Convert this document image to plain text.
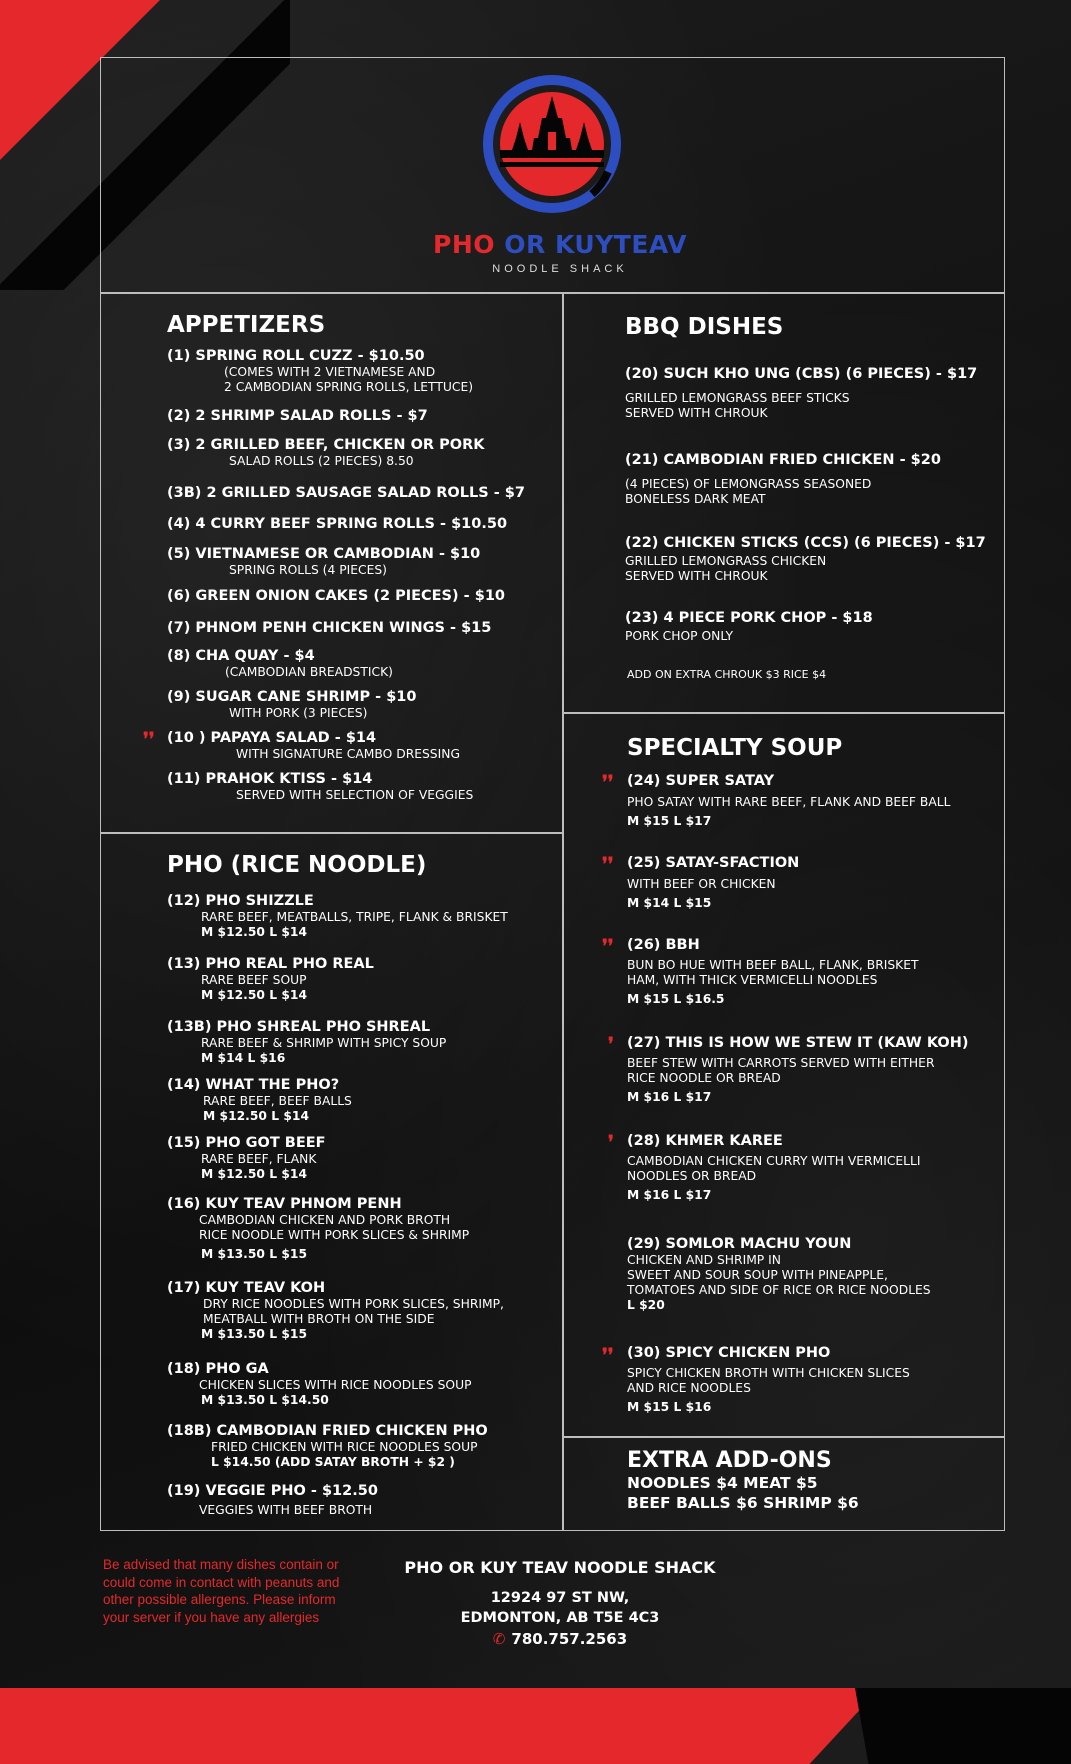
PHO OR KUYTEAV
NOODLE SHACK
APPETIZERS
(1) SPRING ROLL CUZZ - $10.50
(COMES WITH 2 VIETNAMESE AND
2 CAMBODIAN SPRING ROLLS, LETTUCE)
(2) 2 SHRIMP SALAD ROLLS - $7
(3) 2 GRILLED BEEF, CHICKEN OR PORK
SALAD ROLLS (2 PIECES) 8.50
(3B) 2 GRILLED SAUSAGE SALAD ROLLS - $7
(4) 4 CURRY BEEF SPRING ROLLS - $10.50
(5) VIETNAMESE OR CAMBODIAN - $10
SPRING ROLLS (4 PIECES)
(6) GREEN ONION CAKES (2 PIECES) - $10
(7) PHNOM PENH CHICKEN WINGS - $15
(8) CHA QUAY - $4
(CAMBODIAN BREADSTICK)
(9) SUGAR CANE SHRIMP - $10
WITH PORK (3 PIECES)
❜❜ (10 ) PAPAYA SALAD - $14
WITH SIGNATURE CAMBO DRESSING
(11) PRAHOK KTISS - $14
SERVED WITH SELECTION OF VEGGIES
BBQ DISHES
(20) SUCH KHO UNG (CBS) (6 PIECES) - $17
GRILLED LEMONGRASS BEEF STICKS
SERVED WITH CHROUK
(21) CAMBODIAN FRIED CHICKEN - $20
(4 PIECES) OF LEMONGRASS SEASONED
BONELESS DARK MEAT
(22) CHICKEN STICKS (CCS) (6 PIECES) - $17
GRILLED LEMONGRASS CHICKEN
SERVED WITH CHROUK
(23) 4 PIECE PORK CHOP - $18
PORK CHOP ONLY
ADD ON EXTRA CHROUK $3 RICE $4
PHO (RICE NOODLE)
(12) PHO SHIZZLE
RARE BEEF, MEATBALLS, TRIPE, FLANK & BRISKET
M $12.50 L $14
(13) PHO REAL PHO REAL
RARE BEEF SOUP
M $12.50 L $14
(13B) PHO SHREAL PHO SHREAL
RARE BEEF & SHRIMP WITH SPICY SOUP
M $14 L $16
(14) WHAT THE PHO?
RARE BEEF, BEEF BALLS
M $12.50 L $14
(15) PHO GOT BEEF
RARE BEEF, FLANK
M $12.50 L $14
(16) KUY TEAV PHNOM PENH
CAMBODIAN CHICKEN AND PORK BROTH
RICE NOODLE WITH PORK SLICES & SHRIMP
M $13.50 L $15
(17) KUY TEAV KOH
DRY RICE NOODLES WITH PORK SLICES, SHRIMP,
MEATBALL WITH BROTH ON THE SIDE
M $13.50 L $15
(18) PHO GA
CHICKEN SLICES WITH RICE NOODLES SOUP
M $13.50 L $14.50
(18B) CAMBODIAN FRIED CHICKEN PHO
FRIED CHICKEN WITH RICE NOODLES SOUP
L $14.50 (ADD SATAY BROTH + $2 )
(19) VEGGIE PHO - $12.50
VEGGIES WITH BEEF BROTH
SPECIALTY SOUP
❜❜ (24) SUPER SATAY
PHO SATAY WITH RARE BEEF, FLANK AND BEEF BALL
M $15 L $17
❜❜ (25) SATAY-SFACTION
WITH BEEF OR CHICKEN
M $14 L $15
❜❜ (26) BBH
BUN BO HUE WITH BEEF BALL, FLANK, BRISKET
HAM, WITH THICK VERMICELLI NOODLES
M $15 L $16.5
❜ (27) THIS IS HOW WE STEW IT (KAW KOH)
BEEF STEW WITH CARROTS SERVED WITH EITHER
RICE NOODLE OR BREAD
M $16 L $17
❜ (28) KHMER KAREE
CAMBODIAN CHICKEN CURRY WITH VERMICELLI
NOODLES OR BREAD
M $16 L $17
(29) SOMLOR MACHU YOUN
CHICKEN AND SHRIMP IN
SWEET AND SOUR SOUP WITH PINEAPPLE,
TOMATOES AND SIDE OF RICE OR RICE NOODLES
L $20
❜❜ (30) SPICY CHICKEN PHO
SPICY CHICKEN BROTH WITH CHICKEN SLICES
AND RICE NOODLES
M $15 L $16
EXTRA ADD-ONS
NOODLES $4 MEAT $5
BEEF BALLS $6 SHRIMP $6
Be advised that many dishes contain or could come in contact with peanuts and other possible allergens. Please inform your server if you have any allergies
PHO OR KUY TEAV NOODLE SHACK
12924 97 ST NW,
EDMONTON, AB T5E 4C3
✆ 780.757.2563
